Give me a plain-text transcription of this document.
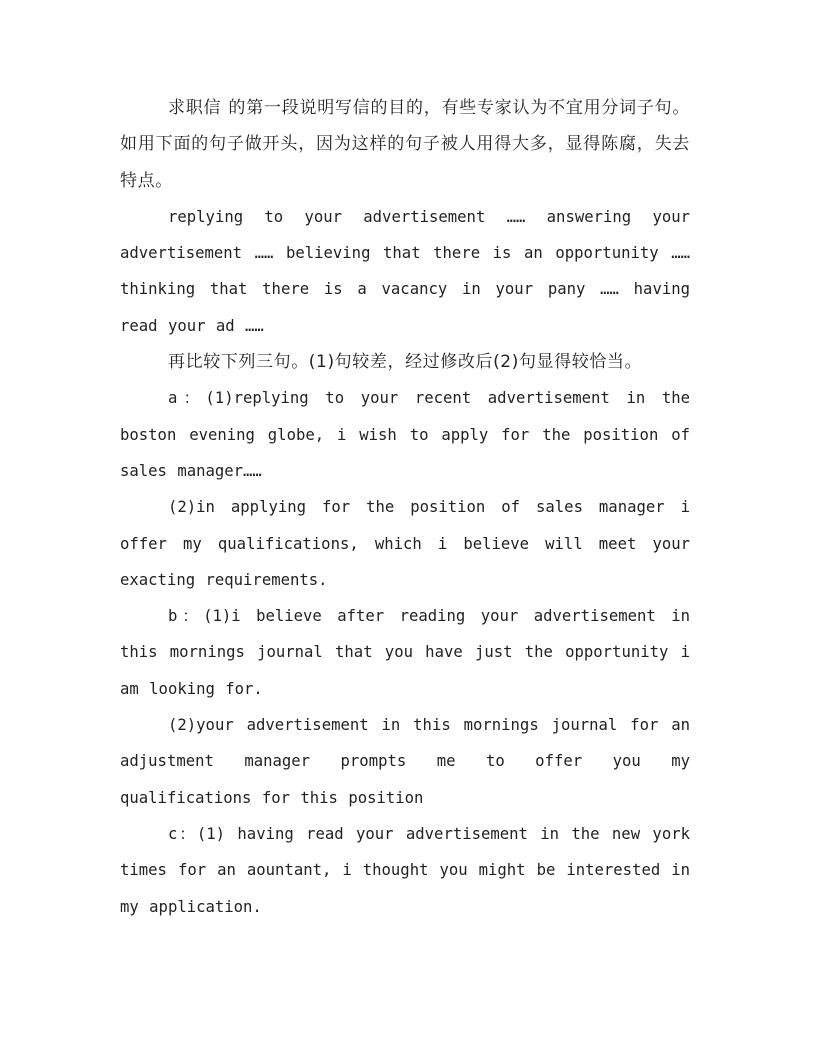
求职信 的第一段说明写信的目的，有些专家认为不宜用分词子句。如用下面的句子做开头，因为这样的句子被人用得大多，显得陈腐，失去特点。

replying to your advertisement …… answering your advertisement …… believing that there is an opportunity …… thinking that there is a vacancy in your pany …… having read your ad ……

再比较下列三句。(1)句较差，经过修改后(2)句显得较恰当。

a：(1)replying to your recent advertisement in the boston evening globe, i wish to apply for the position of sales manager……

(2)in applying for the position of sales manager i offer my qualifications, which i believe will meet your exacting requirements.

b：(1)i believe after reading your advertisement in this mornings journal that you have just the opportunity i am looking for.

(2)your advertisement in this mornings journal for an adjustment manager prompts me to offer you my qualifications for this position

c：(1) having read your advertisement in the new york times for an aountant, i thought you might be interested in my application.
